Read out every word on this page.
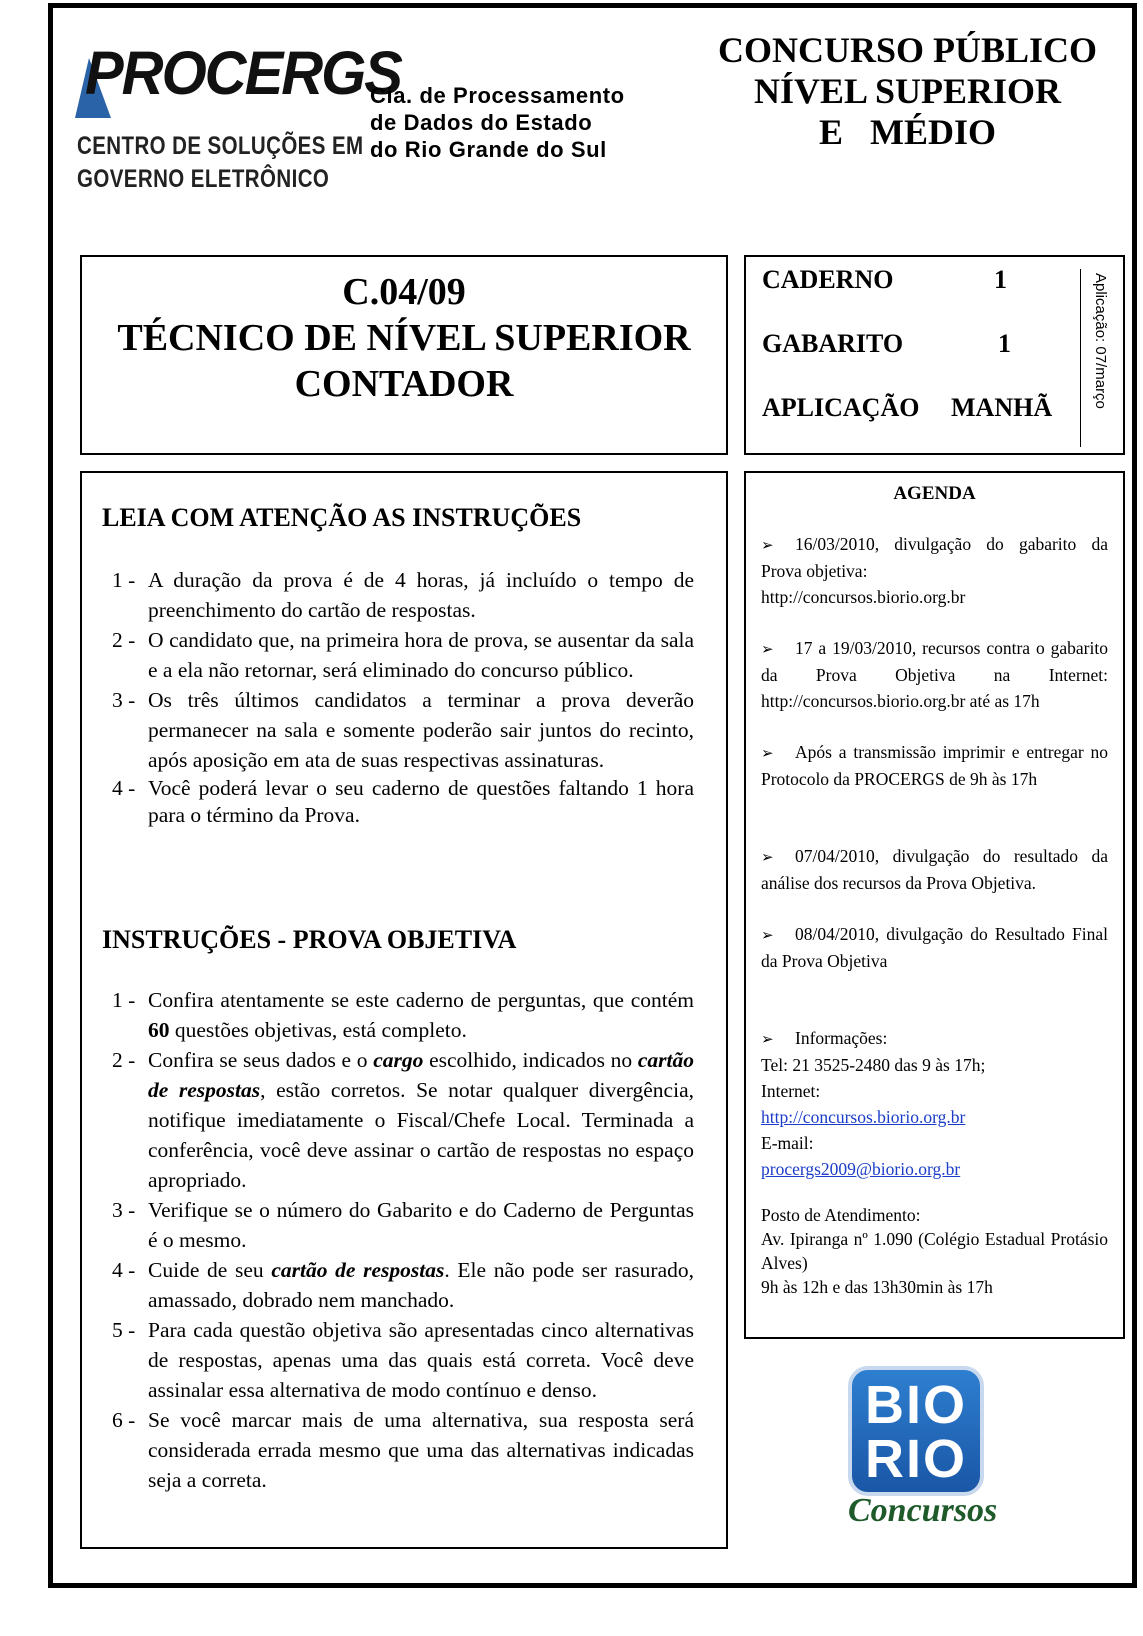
PROCERGS
CENTRO DE SOLUÇÕES EM
GOVERNO ELETRÔNICO
Cia. de Processamento
de Dados do Estado
do Rio Grande do Sul
CONCURSO PÚBLICO
NÍVEL SUPERIOR
E   MÉDIO
C.04/09
TÉCNICO DE NÍVEL SUPERIOR
CONTADOR
CADERNO	1
GABARITO	1
APLICAÇÃO MANHÃ	Aplicação: 07/março
LEIA COM ATENÇÃO AS INSTRUÇÕES
1 - A duração da prova é de 4 horas, já incluído o tempo de preenchimento do cartão de respostas.
2 - O candidato que, na primeira hora de prova, se ausentar da sala e a ela não retornar, será eliminado do concurso público.
3 - Os três últimos candidatos a terminar a prova deverão permanecer na sala e somente poderão sair juntos do recinto, após aposição em ata de suas respectivas assinaturas.
4 - Você poderá levar o seu caderno de questões faltando 1 hora para o término da Prova.
INSTRUÇÕES - PROVA OBJETIVA
1 - Confira atentamente se este caderno de perguntas, que contém 60 questões objetivas, está completo.
2 - Confira se seus dados e o cargo escolhido, indicados no cartão de respostas, estão corretos. Se notar qualquer divergência, notifique imediatamente o Fiscal/Chefe Local. Terminada a conferência, você deve assinar o cartão de respostas no espaço apropriado.
3 - Verifique se o número do Gabarito e do Caderno de Perguntas é o mesmo.
4 - Cuide de seu cartão de respostas. Ele não pode ser rasurado, amassado, dobrado nem manchado.
5 - Para cada questão objetiva são apresentadas cinco alternativas de respostas, apenas uma das quais está correta. Você deve assinalar essa alternativa de modo contínuo e denso.
6 - Se você marcar mais de uma alternativa, sua resposta será considerada errada mesmo que uma das alternativas indicadas seja a correta.
AGENDA
➢ 16/03/2010, divulgação do gabarito da Prova objetiva:
http://concursos.biorio.org.br
➢ 17 a 19/03/2010, recursos contra o gabarito da Prova Objetiva na Internet: http://concursos.biorio.org.br até as 17h
➢ Após a transmissão imprimir e entregar no Protocolo da PROCERGS de 9h às 17h
➢ 07/04/2010, divulgação do resultado da análise dos recursos da Prova Objetiva.
➢ 08/04/2010, divulgação do Resultado Final da Prova Objetiva
➢ Informações:
Tel: 21 3525-2480 das 9 às 17h;
Internet:
http://concursos.biorio.org.br
E-mail:
procergs2009@biorio.org.br
Posto de Atendimento:
Av. Ipiranga nº 1.090 (Colégio Estadual Protásio Alves)
9h às 12h e das 13h30min às 17h
BIO
RIO
Concursos
